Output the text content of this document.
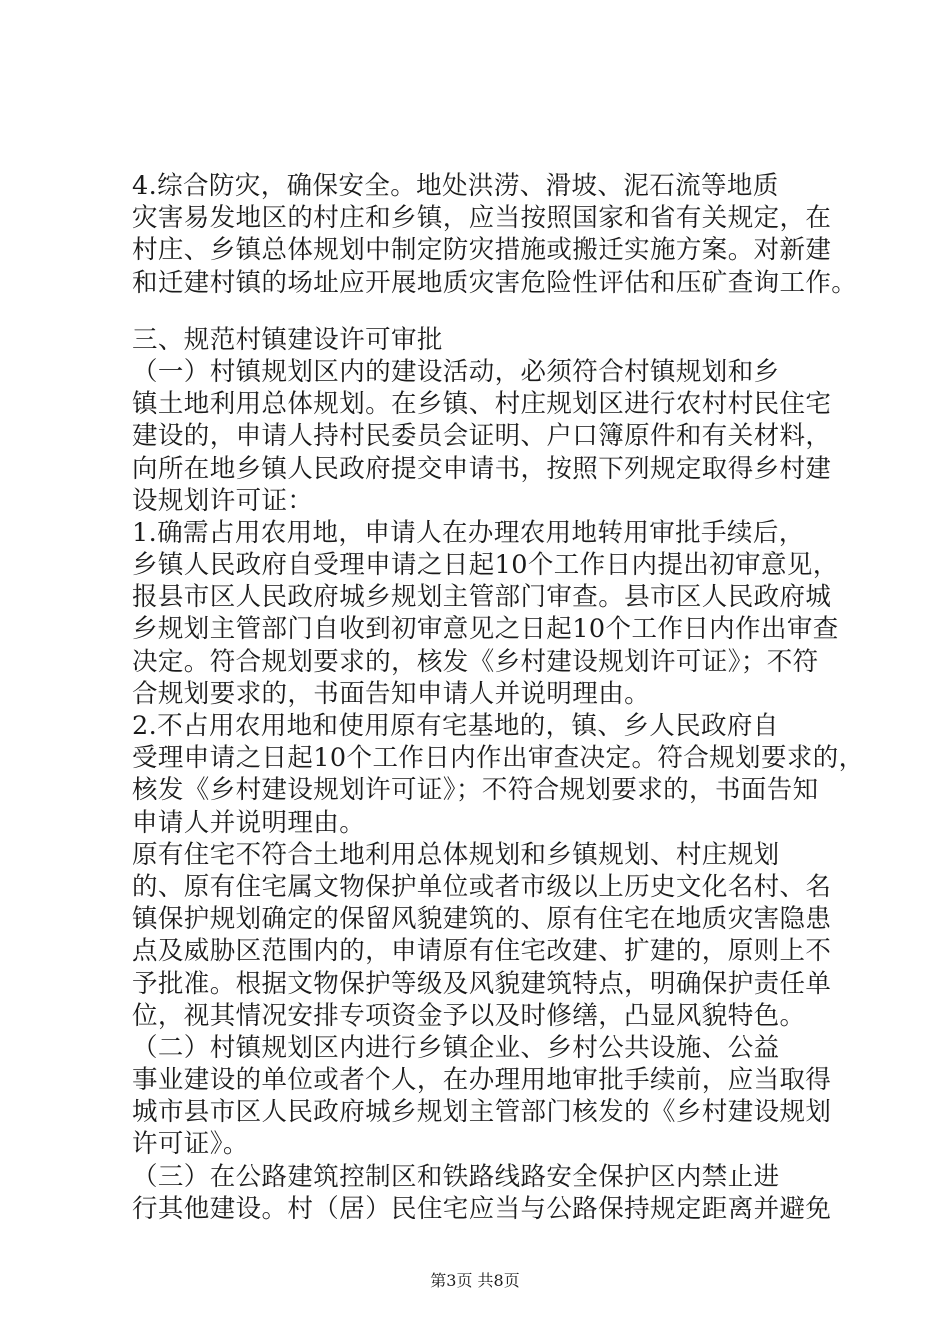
4.综合防灾，确保安全。地处洪涝、滑坡、泥石流等地质
灾害易发地区的村庄和乡镇，应当按照国家和省有关规定，在
村庄、乡镇总体规划中制定防灾措施或搬迁实施方案。对新建
和迁建村镇的场址应开展地质灾害危险性评估和压矿查询工作。
三、规范村镇建设许可审批
（一）村镇规划区内的建设活动，必须符合村镇规划和乡
镇土地利用总体规划。在乡镇、村庄规划区进行农村村民住宅
建设的，申请人持村民委员会证明、户口簿原件和有关材料，
向所在地乡镇人民政府提交申请书，按照下列规定取得乡村建
设规划许可证：
1.确需占用农用地，申请人在办理农用地转用审批手续后，
乡镇人民政府自受理申请之日起10个工作日内提出初审意见，
报县市区人民政府城乡规划主管部门审查。县市区人民政府城
乡规划主管部门自收到初审意见之日起10个工作日内作出审查
决定。符合规划要求的，核发《乡村建设规划许可证》；不符
合规划要求的，书面告知申请人并说明理由。
2.不占用农用地和使用原有宅基地的，镇、乡人民政府自
受理申请之日起10个工作日内作出审查决定。符合规划要求的，
核发《乡村建设规划许可证》；不符合规划要求的，书面告知
申请人并说明理由。
原有住宅不符合土地利用总体规划和乡镇规划、村庄规划
的、原有住宅属文物保护单位或者市级以上历史文化名村、名
镇保护规划确定的保留风貌建筑的、原有住宅在地质灾害隐患
点及威胁区范围内的，申请原有住宅改建、扩建的，原则上不
予批准。根据文物保护等级及风貌建筑特点，明确保护责任单
位，视其情况安排专项资金予以及时修缮，凸显风貌特色。
（二）村镇规划区内进行乡镇企业、乡村公共设施、公益
事业建设的单位或者个人，在办理用地审批手续前，应当取得
城市县市区人民政府城乡规划主管部门核发的《乡村建设规划
许可证》。
（三）在公路建筑控制区和铁路线路安全保护区内禁止进
行其他建设。村（居）民住宅应当与公路保持规定距离并避免
第3页 共8页
